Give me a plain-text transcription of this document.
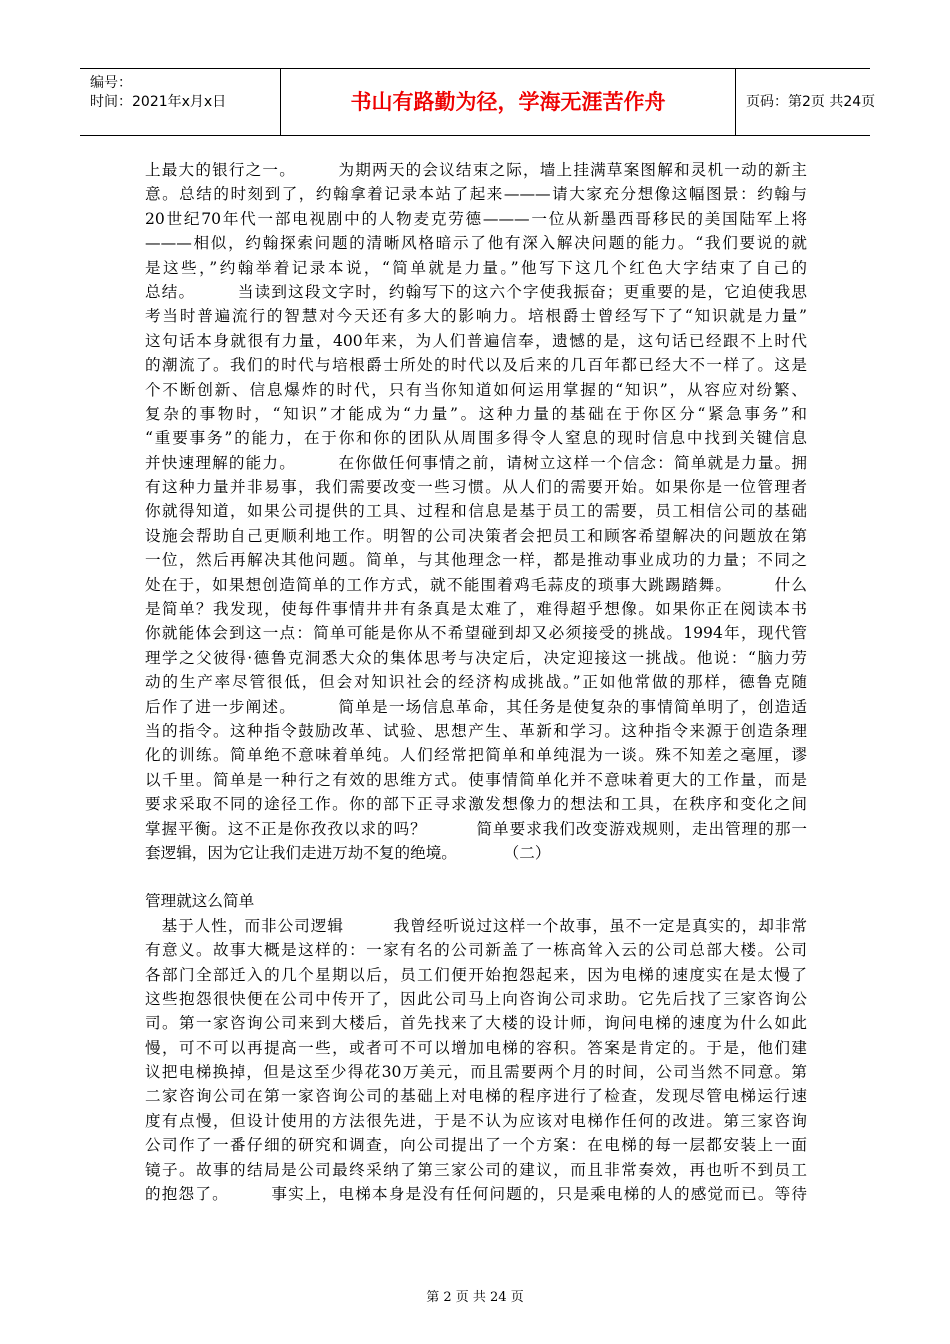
编号：
时间：2021年x月x日	书山有路勤为径，学海无涯苦作舟	页码：第2页 共24页
上最大的银行之一。　　　为期两天的会议结束之际，墙上挂满草案图解和灵机一动的新主
意。总结的时刻到了，约翰拿着记录本站了起来———请大家充分想像这幅图景：约翰与
20世纪70年代一部电视剧中的人物麦克劳德———一位从新墨西哥移民的美国陆军上将
———相似，约翰探索问题的清晰风格暗示了他有深入解决问题的能力。“我们要说的就
是这些，”约翰举着记录本说，“简单就是力量。”他写下这几个红色大字结束了自己的
总结。　　　当读到这段文字时，约翰写下的这六个字使我振奋；更重要的是，它迫使我思
考当时普遍流行的智慧对今天还有多大的影响力。培根爵士曾经写下了“知识就是力量”
这句话本身就很有力量，400年来，为人们普遍信奉，遗憾的是，这句话已经跟不上时代
的潮流了。我们的时代与培根爵士所处的时代以及后来的几百年都已经大不一样了。这是
个不断创新、信息爆炸的时代，只有当你知道如何运用掌握的“知识”，从容应对纷繁、
复杂的事物时，“知识”才能成为“力量”。这种力量的基础在于你区分“紧急事务”和
“重要事务”的能力，在于你和你的团队从周围多得令人窒息的现时信息中找到关键信息
并快速理解的能力。　　　在你做任何事情之前，请树立这样一个信念：简单就是力量。拥
有这种力量并非易事，我们需要改变一些习惯。从人们的需要开始。如果你是一位管理者
你就得知道，如果公司提供的工具、过程和信息是基于员工的需要，员工相信公司的基础
设施会帮助自己更顺利地工作。明智的公司决策者会把员工和顾客希望解决的问题放在第
一位，然后再解决其他问题。简单，与其他理念一样，都是推动事业成功的力量；不同之
处在于，如果想创造简单的工作方式，就不能围着鸡毛蒜皮的琐事大跳踢踏舞。　　　什么
是简单？我发现，使每件事情井井有条真是太难了，难得超乎想像。如果你正在阅读本书
你就能体会到这一点：简单可能是你从不希望碰到却又必须接受的挑战。1994年，现代管
理学之父彼得·德鲁克洞悉大众的集体思考与决定后，决定迎接这一挑战。他说：“脑力劳
动的生产率尽管很低，但会对知识社会的经济构成挑战。”正如他常做的那样，德鲁克随
后作了进一步阐述。　　　简单是一场信息革命，其任务是使复杂的事情简单明了，创造适
当的指令。这种指令鼓励改革、试验、思想产生、革新和学习。这种指令来源于创造条理
化的训练。简单绝不意味着单纯。人们经常把简单和单纯混为一谈。殊不知差之毫厘，谬
以千里。简单是一种行之有效的思维方式。使事情简单化并不意味着更大的工作量，而是
要求采取不同的途径工作。你的部下正寻求激发想像力的想法和工具，在秩序和变化之间
掌握平衡。这不正是你孜孜以求的吗？　　　简单要求我们改变游戏规则，走出管理的那一
套逻辑，因为它让我们走进万劫不复的绝境。　　　　（二）
管理就这么简单
　基于人性，而非公司逻辑　　　我曾经听说过这样一个故事，虽不一定是真实的，却非常
有意义。故事大概是这样的：一家有名的公司新盖了一栋高耸入云的公司总部大楼。公司
各部门全部迁入的几个星期以后，员工们便开始抱怨起来，因为电梯的速度实在是太慢了
这些抱怨很快便在公司中传开了，因此公司马上向咨询公司求助。它先后找了三家咨询公
司。第一家咨询公司来到大楼后，首先找来了大楼的设计师，询问电梯的速度为什么如此
慢，可不可以再提高一些，或者可不可以增加电梯的容积。答案是肯定的。于是，他们建
议把电梯换掉，但是这至少得花30万美元，而且需要两个月的时间，公司当然不同意。第
二家咨询公司在第一家咨询公司的基础上对电梯的程序进行了检查，发现尽管电梯运行速
度有点慢，但设计使用的方法很先进，于是不认为应该对电梯作任何的改进。第三家咨询
公司作了一番仔细的研究和调查，向公司提出了一个方案：在电梯的每一层都安装上一面
镜子。故事的结局是公司最终采纳了第三家公司的建议，而且非常奏效，再也听不到员工
的抱怨了。　　　事实上，电梯本身是没有任何问题的，只是乘电梯的人的感觉而已。等待
第 2 页 共 24 页
